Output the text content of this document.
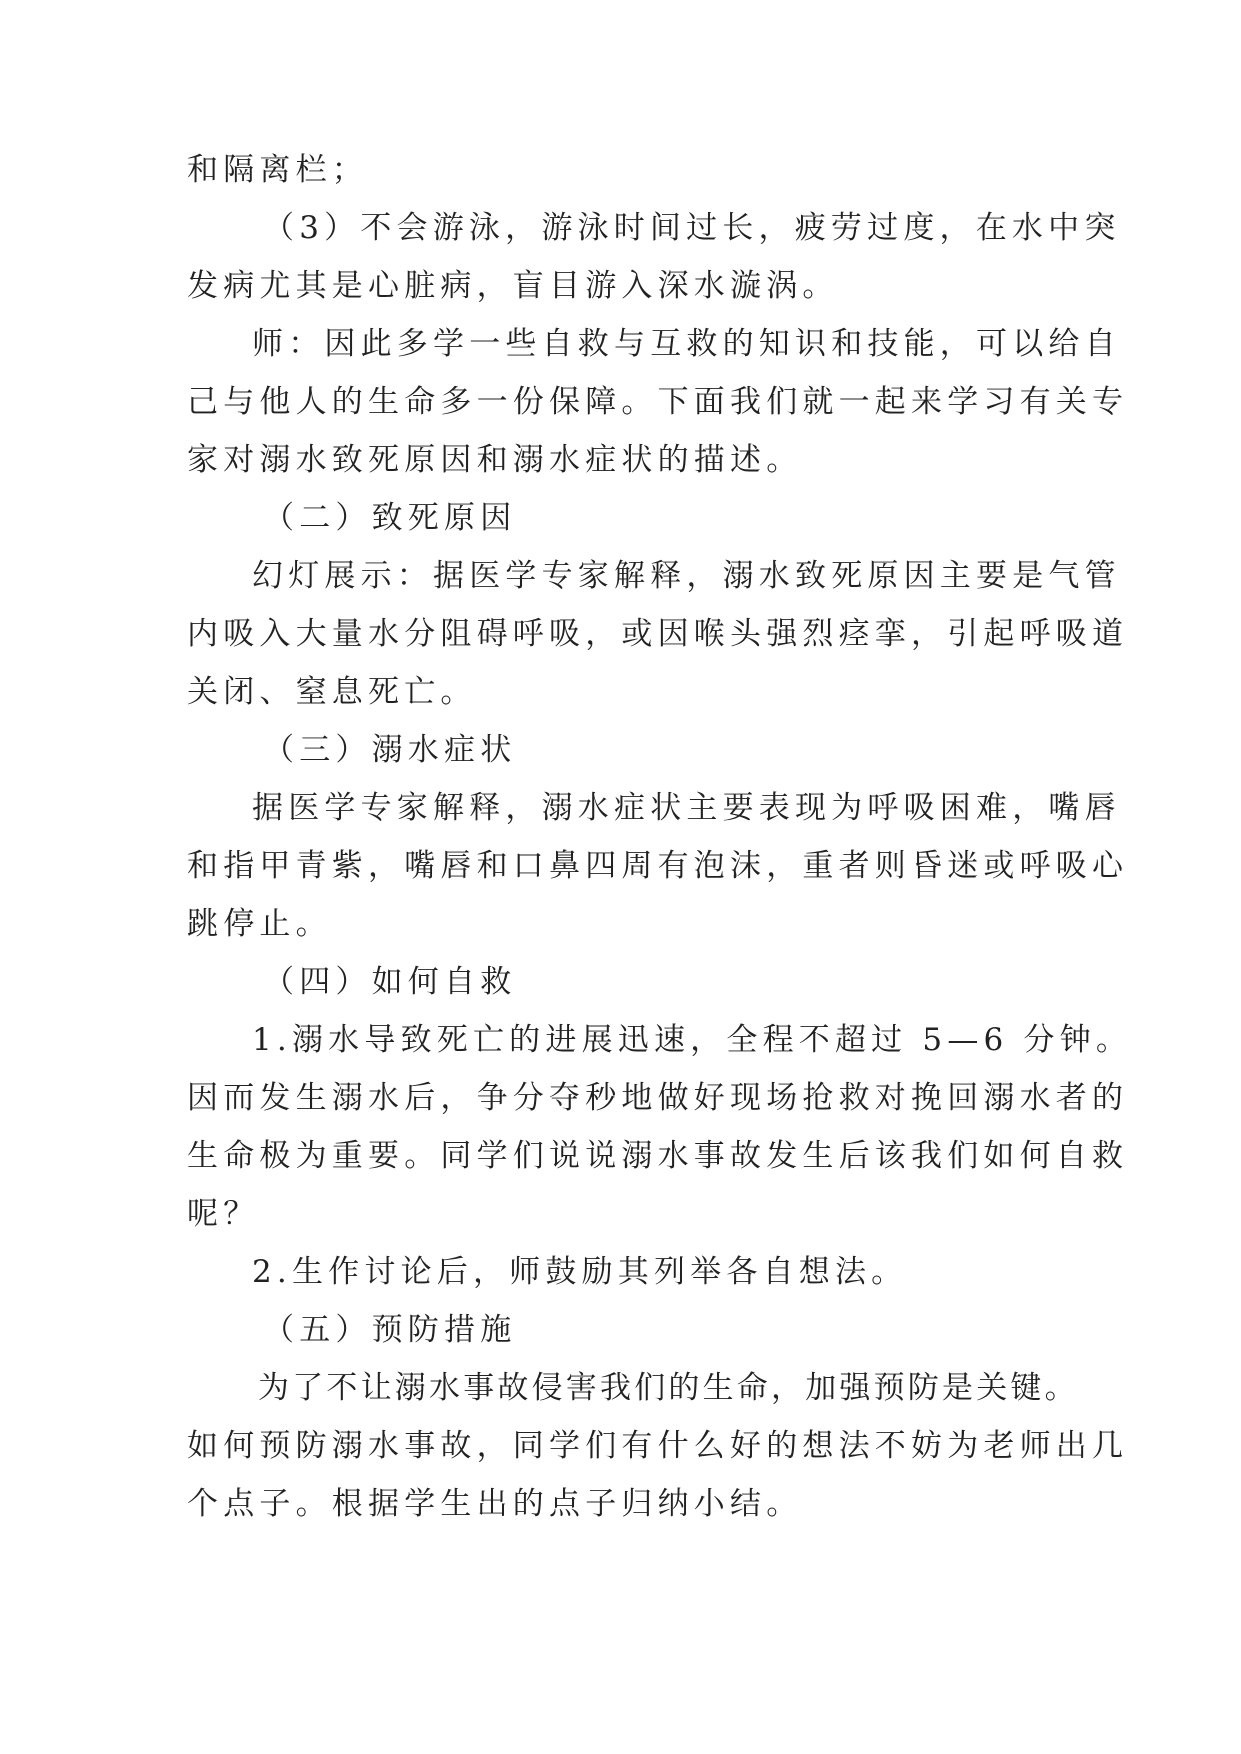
和隔离栏；
（3）不会游泳，游泳时间过长，疲劳过度，在水中突
发病尤其是心脏病，盲目游入深水漩涡。
师：因此多学一些自救与互救的知识和技能，可以给自
己与他人的生命多一份保障。下面我们就一起来学习有关专
家对溺水致死原因和溺水症状的描述。
（二）致死原因
幻灯展示：据医学专家解释，溺水致死原因主要是气管
内吸入大量水分阻碍呼吸，或因喉头强烈痉挛，引起呼吸道
关闭、窒息死亡。
（三）溺水症状
据医学专家解释，溺水症状主要表现为呼吸困难，嘴唇
和指甲青紫，嘴唇和口鼻四周有泡沫，重者则昏迷或呼吸心
跳停止。
（四）如何自救
1.溺水导致死亡的进展迅速，全程不超过 5—6 分钟。
因而发生溺水后，争分夺秒地做好现场抢救对挽回溺水者的
生命极为重要。同学们说说溺水事故发生后该我们如何自救
呢？
2.生作讨论后，师鼓励其列举各自想法。
（五）预防措施
为了不让溺水事故侵害我们的生命，加强预防是关键。
如何预防溺水事故，同学们有什么好的想法不妨为老师出几
个点子。根据学生出的点子归纳小结。
